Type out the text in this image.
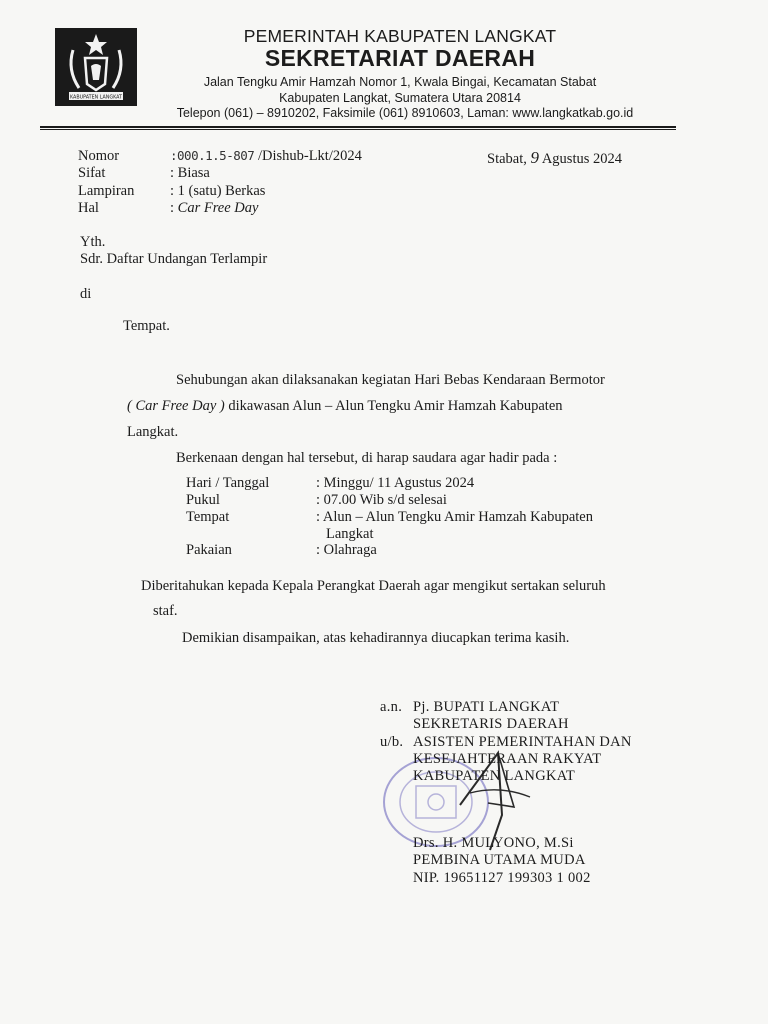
KABUPATEN LANGKAT
PEMERINTAH KABUPATEN LANGKAT
SEKRETARIAT DAERAH
Jalan Tengku Amir Hamzah Nomor 1, Kwala Bingai, Kecamatan Stabat
Kabupaten Langkat, Sumatera Utara 20814
Telepon (061) – 8910202, Faksimile (061) 8910603, Laman: www.langkatkab.go.id
Nomor	:000.1.5-807 /Dishub-Lkt/2024
Sifat	: Biasa
Lampiran : 1 (satu) Berkas
Hal	: Car Free Day
Stabat, 9 Agustus 2024
Yth.
Sdr. Daftar Undangan Terlampir
di
Tempat.
Sehubungan akan dilaksanakan kegiatan Hari Bebas Kendaraan Bermotor
( Car Free Day ) dikawasan Alun – Alun Tengku Amir Hamzah Kabupaten
Langkat.
Berkenaan dengan hal tersebut, di harap saudara agar hadir pada :
Hari / Tanggal	: Minggu/ 11 Agustus 2024
Pukul	: 07.00 Wib s/d selesai
Tempat	: Alun – Alun Tengku Amir Hamzah Kabupaten
Langkat
Pakaian	: Olahraga
Diberitahukan kepada Kepala Perangkat Daerah agar mengikut sertakan seluruh
staf.
Demikian disampaikan, atas kehadirannya diucapkan terima kasih.
a.n. Pj. BUPATI LANGKAT
SEKRETARIS DAERAH
u/b. ASISTEN PEMERINTAHAN DAN
KESEJAHTERAAN RAKYAT
KABUPATEN LANGKAT
Drs. H. MULYONO, M.Si
PEMBINA UTAMA MUDA
NIP. 19651127 199303 1 002
